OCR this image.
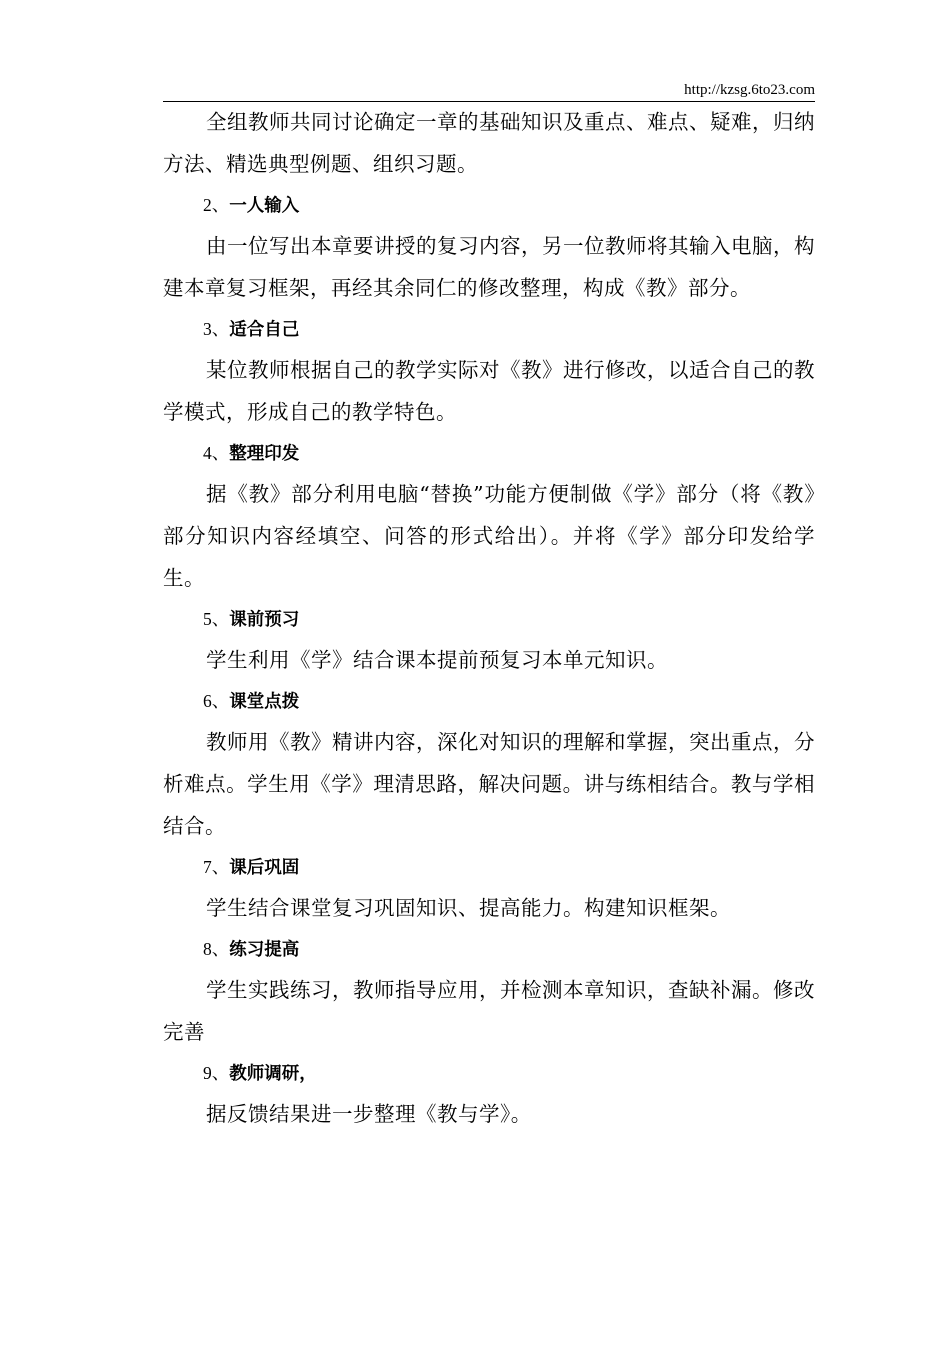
http://kzsg.6to23.com

全组教师共同讨论确定一章的基础知识及重点、难点、疑难，归纳方法、精选典型例题、组织习题。

2、一人输入

由一位写出本章要讲授的复习内容，另一位教师将其输入电脑，构建本章复习框架，再经其余同仁的修改整理，构成《教》部分。

3、适合自己

某位教师根据自己的教学实际对《教》进行修改，以适合自己的教学模式，形成自己的教学特色。

4、整理印发

据《教》部分利用电脑“替换”功能方便制做《学》部分（将《教》部分知识内容经填空、问答的形式给出）。并将《学》部分印发给学生。

5、课前预习

学生利用《学》结合课本提前预复习本单元知识。

6、课堂点拨

教师用《教》精讲内容，深化对知识的理解和掌握，突出重点，分析难点。学生用《学》理清思路，解决问题。讲与练相结合。教与学相结合。

7、课后巩固

学生结合课堂复习巩固知识、提高能力。构建知识框架。

8、练习提高

学生实践练习，教师指导应用，并检测本章知识，查缺补漏。修改完善

9、教师调研，

据反馈结果进一步整理《教与学》。
